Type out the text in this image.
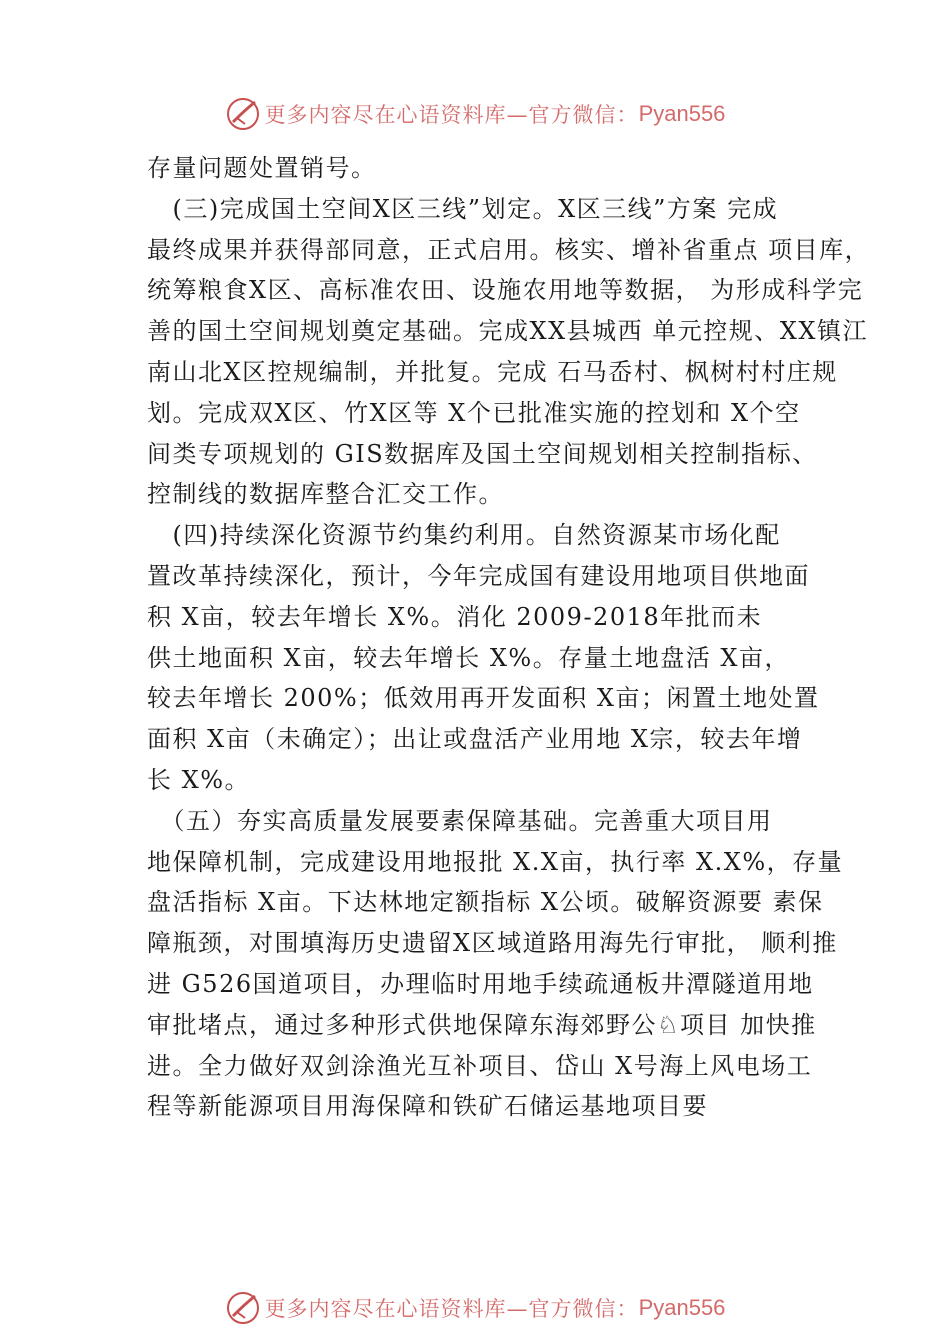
更多内容尽在心语资料库—官方微信： Pyan556
存量问题处置销号。
　(三)完成国土空间X区三线”划定。X区三线”方案 完成
最终成果并获得部同意，正式启用。核实、增补省重点 项目库，
统筹粮食X区、高标准农田、设施农用地等数据， 为形成科学完
善的国土空间规划奠定基础。完成XX县城西 单元控规、XX镇江
南山北X区控规编制，并批复。完成 石马岙村、枫树村村庄规
划。完成双X区、竹X区等 X个已批准实施的控划和 X个空
间类专项规划的 GIS数据库及国土空间规划相关控制指标、
控制线的数据库整合汇交工作。
　(四)持续深化资源节约集约利用。自然资源某市场化配
置改革持续深化，预计，今年完成国有建设用地项目供地面
积 X亩，较去年增长 X%。消化 2009-2018年批而未
供土地面积 X亩，较去年增长 X%。存量土地盘活 X亩，
较去年增长 200%；低效用再开发面积 X亩；闲置土地处置
面积 X亩（未确定）；出让或盘活产业用地 X宗，较去年增
长 X%。
　（五）夯实高质量发展要素保障基础。完善重大项目用
地保障机制，完成建设用地报批 X.X亩，执行率 X.X%，存量
盘活指标 X亩。下达林地定额指标 X公顷。破解资源要 素保
障瓶颈，对围填海历史遗留X区域道路用海先行审批， 顺利推
进 G526国道项目，办理临时用地手续疏通板井潭隧道用地
审批堵点，通过多种形式供地保障东海郊野公♘项目 加快推
进。全力做好双剑涂渔光互补项目、岱山 X号海上风电场工
程等新能源项目用海保障和铁矿石储运基地项目要
更多内容尽在心语资料库—官方微信： Pyan556
